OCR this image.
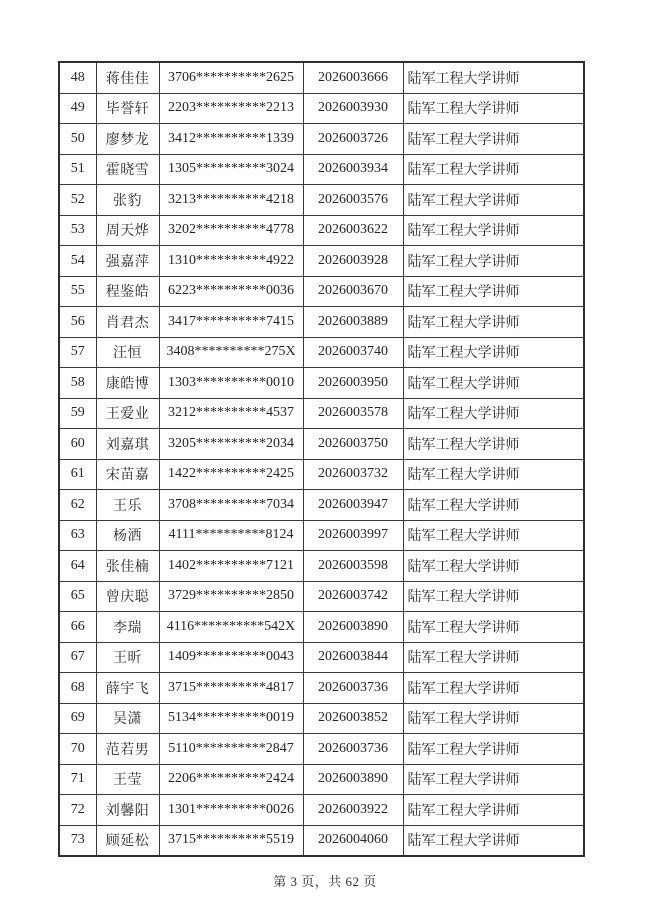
48	蒋佳佳	3706**********2625	2026003666	陆军工程大学讲师
49	毕誉轩	2203**********2213	2026003930	陆军工程大学讲师
50	廖梦龙	3412**********1339	2026003726	陆军工程大学讲师
51	霍晓雪	1305**********3024	2026003934	陆军工程大学讲师
52	张豹	3213**********4218	2026003576	陆军工程大学讲师
53	周天烨	3202**********4778	2026003622	陆军工程大学讲师
54	强嘉萍	1310**********4922	2026003928	陆军工程大学讲师
55	程鉴皓	6223**********0036	2026003670	陆军工程大学讲师
56	肖君杰	3417**********7415	2026003889	陆军工程大学讲师
57	汪恒	3408**********275X	2026003740	陆军工程大学讲师
58	康皓博	1303**********0010	2026003950	陆军工程大学讲师
59	王爱业	3212**********4537	2026003578	陆军工程大学讲师
60	刘嘉琪	3205**********2034	2026003750	陆军工程大学讲师
61	宋苗嘉	1422**********2425	2026003732	陆军工程大学讲师
62	王乐	3708**********7034	2026003947	陆军工程大学讲师
63	杨洒	4111**********8124	2026003997	陆军工程大学讲师
64	张佳楠	1402**********7121	2026003598	陆军工程大学讲师
65	曾庆聪	3729**********2850	2026003742	陆军工程大学讲师
66	李瑞	4116**********542X	2026003890	陆军工程大学讲师
67	王昕	1409**********0043	2026003844	陆军工程大学讲师
68	薛宇飞	3715**********4817	2026003736	陆军工程大学讲师
69	吴潇	5134**********0019	2026003852	陆军工程大学讲师
70	范若男	5110**********2847	2026003736	陆军工程大学讲师
71	王莹	2206**********2424	2026003890	陆军工程大学讲师
72	刘馨阳	1301**********0026	2026003922	陆军工程大学讲师
73	顾延松	3715**********5519	2026004060	陆军工程大学讲师
第 3 页，共 62 页
